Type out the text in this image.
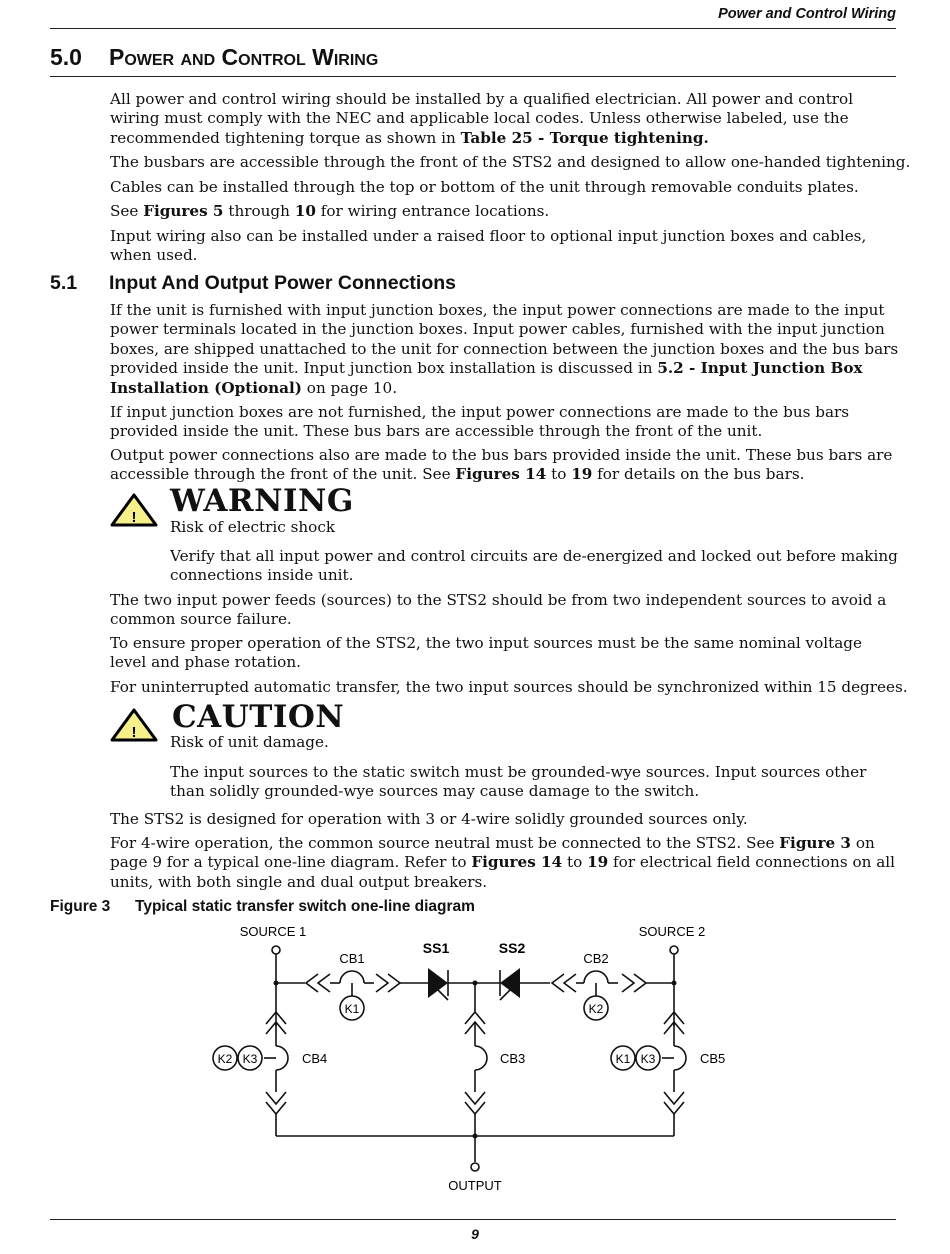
Power and Control Wiring
5.0 Power and Control Wiring
All power and control wiring should be installed by a qualified electrician. All power and control wiring must comply with the NEC and applicable local codes. Unless otherwise labeled, use the recommended tightening torque as shown in Table 25 - Torque tightening.
The busbars are accessible through the front of the STS2 and designed to allow one-handed tightening.
Cables can be installed through the top or bottom of the unit through removable conduits plates.
See Figures 5 through 10 for wiring entrance locations.
Input wiring also can be installed under a raised floor to optional input junction boxes and cables, when used.
5.1 Input And Output Power Connections
If the unit is furnished with input junction boxes, the input power connections are made to the input power terminals located in the junction boxes. Input power cables, furnished with the input junction boxes, are shipped unattached to the unit for connection between the junction boxes and the bus bars provided inside the unit. Input junction box installation is discussed in 5.2 - Input Junction Box Installation (Optional) on page 10.
If input junction boxes are not furnished, the input power connections are made to the bus bars provided inside the unit. These bus bars are accessible through the front of the unit.
Output power connections also are made to the bus bars provided inside the unit. These bus bars are accessible through the front of the unit. See Figures 14 to 19 for details on the bus bars.
! WARNING
Risk of electric shock
Verify that all input power and control circuits are de-energized and locked out before making connections inside unit.
The two input power feeds (sources) to the STS2 should be from two independent sources to avoid a common source failure.
To ensure proper operation of the STS2, the two input sources must be the same nominal voltage level and phase rotation.
For uninterrupted automatic transfer, the two input sources should be synchronized within 15 degrees.
! CAUTION
Risk of unit damage.
The input sources to the static switch must be grounded-wye sources. Input sources other than solidly grounded-wye sources may cause damage to the switch.
The STS2 is designed for operation with 3 or 4-wire solidly grounded sources only.
For 4-wire operation, the common source neutral must be connected to the STS2. See Figure 3 on page 9 for a typical one-line diagram. Refer to Figures 14 to 19 for electrical field connections on all units, with both single and dual output breakers.
Figure 3 Typical static transfer switch one-line diagram
SOURCE 1	SOURCE 2
CB1	CB2
SS1	SS2
K1	K2
K2 K3	K1 K3
CB4	CB3	CB5
OUTPUT
9
